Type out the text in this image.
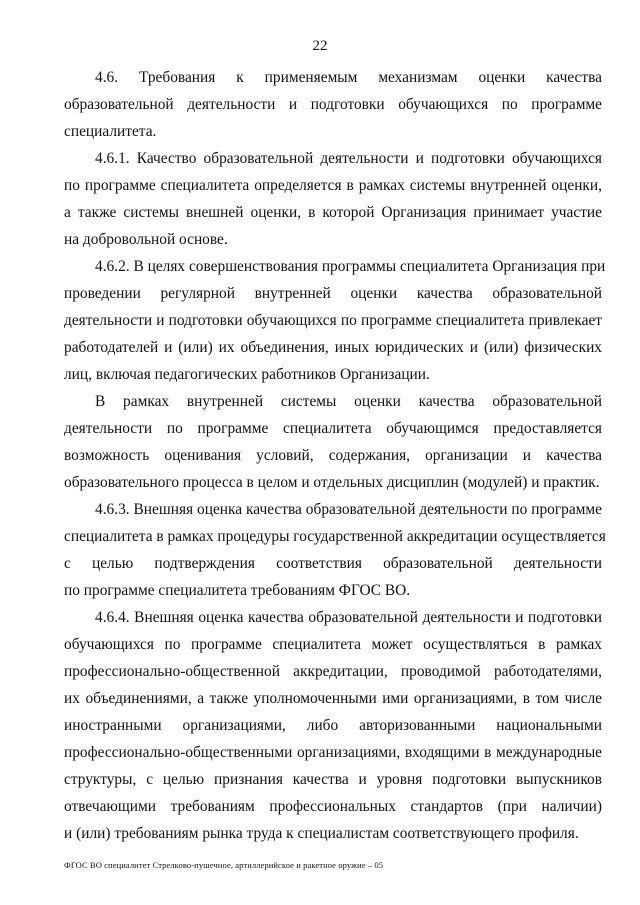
22

4.6. Требования к применяемым механизмам оценки качества
образовательной деятельности и подготовки обучающихся по программе
специалитета.

4.6.1. Качество образовательной деятельности и подготовки обучающихся
по программе специалитета определяется в рамках системы внутренней оценки,
а также системы внешней оценки, в которой Организация принимает участие
на добровольной основе.

4.6.2. В целях совершенствования программы специалитета Организация при
проведении регулярной внутренней оценки качества образовательной
деятельности и подготовки обучающихся по программе специалитета привлекает
работодателей и (или) их объединения, иных юридических и (или) физических
лиц, включая педагогических работников Организации.

В рамках внутренней системы оценки качества образовательной
деятельности по программе специалитета обучающимся предоставляется
возможность оценивания условий, содержания, организации и качества
образовательного процесса в целом и отдельных дисциплин (модулей) и практик.

4.6.3. Внешняя оценка качества образовательной деятельности по программе
специалитета в рамках процедуры государственной аккредитации осуществляется
с целью подтверждения соответствия образовательной деятельности
по программе специалитета требованиям ФГОС ВО.

4.6.4. Внешняя оценка качества образовательной деятельности и подготовки
обучающихся по программе специалитета может осуществляться в рамках
профессионально-общественной аккредитации, проводимой работодателями,
их объединениями, а также уполномоченными ими организациями, в том числе
иностранными организациями, либо авторизованными национальными
профессионально-общественными организациями, входящими в международные
структуры, с целью признания качества и уровня подготовки выпускников
отвечающими требованиям профессиональных стандартов (при наличии)
и (или) требованиям рынка труда к специалистам соответствующего профиля.

ФГОС ВО специалитет Стрелково-пушечное, артиллерийское и ракетное оружие – 05
